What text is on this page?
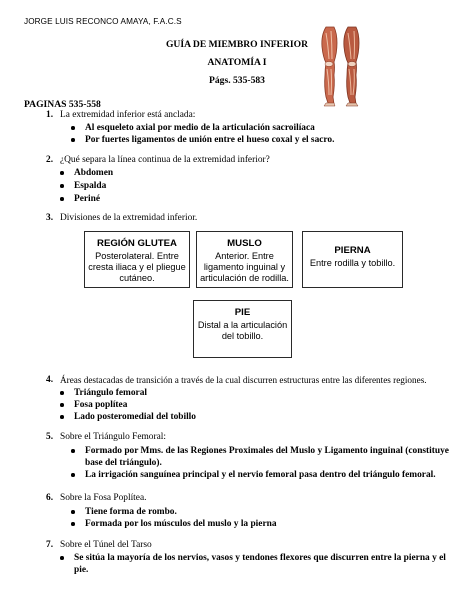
JORGE LUIS RECONCO AMAYA, F.A.C.S
GUÍA DE MIEMBRO INFERIOR
ANATOMÍA I
Págs. 535-583
PAGINAS 535-558
1. La extremidad inferior está anclada:
Al esqueleto axial por medio de la articulación sacroilíaca
Por fuertes ligamentos de unión entre el hueso coxal y el sacro.
2. ¿Qué separa la línea continua de la extremidad inferior?
Abdomen
Espalda
Periné
3. Divisiones de la extremidad inferior.
REGIÓN GLUTEA
Posterolateral. Entre cresta iliaca y el pliegue cutáneo.
MUSLO
Anterior. Entre ligamento inguinal y articulación de rodilla.
PIERNA
Entre rodilla y tobillo.
PIE
Distal a la articulación del tobillo.
4. Áreas destacadas de transición a través de la cual discurren estructuras entre las diferentes regiones.
Triángulo femoral
Fosa poplítea
Lado posteromedial del tobillo
5. Sobre el Triángulo Femoral:
Formado por Mms. de las Regiones Proximales del Muslo y Ligamento inguinal (constituye base del triángulo).
La irrigación sanguínea principal y el nervio femoral pasa dentro del triángulo femoral.
6. Sobre la Fosa Poplítea.
Tiene forma de rombo.
Formada por los músculos del muslo y la pierna
7. Sobre el Túnel del Tarso
Se sitúa la mayoría de los nervios, vasos y tendones flexores que discurren entre la pierna y el pie.
